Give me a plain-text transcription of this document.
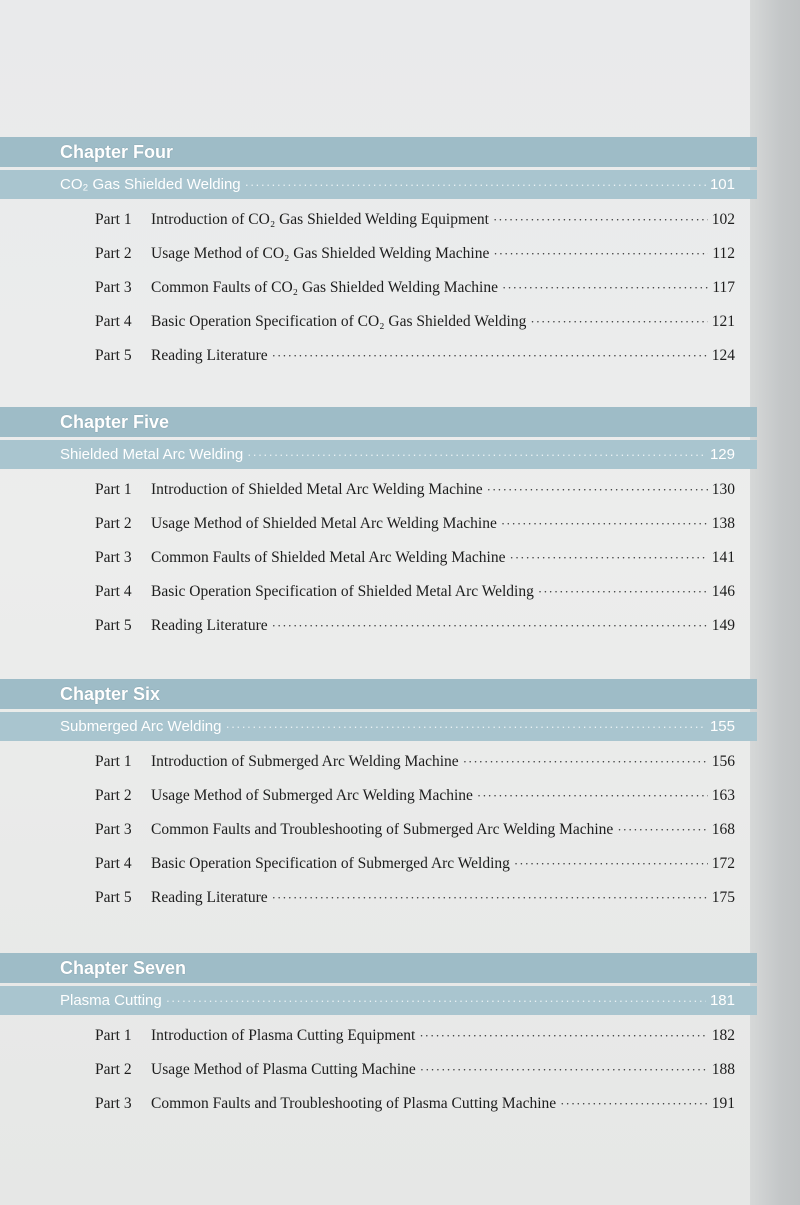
Chapter Four
CO₂ Gas Shielded Welding ·····	101
Part 1	Introduction of CO₂ Gas Shielded Welding Equipment ·····	102
Part 2	Usage Method of CO₂ Gas Shielded Welding Machine ·····	112
Part 3	Common Faults of CO₂ Gas Shielded Welding Machine ·····	117
Part 4	Basic Operation Specification of CO₂ Gas Shielded Welding ·····	121
Part 5	Reading Literature ·····	124
Chapter Five
Shielded Metal Arc Welding ·····	129
Part 1	Introduction of Shielded Metal Arc Welding Machine ·····	130
Part 2	Usage Method of Shielded Metal Arc Welding Machine ·····	138
Part 3	Common Faults of Shielded Metal Arc Welding Machine ·····	141
Part 4	Basic Operation Specification of Shielded Metal Arc Welding ·····	146
Part 5	Reading Literature ·····	149
Chapter Six
Submerged Arc Welding ·····	155
Part 1	Introduction of Submerged Arc Welding Machine ·····	156
Part 2	Usage Method of Submerged Arc Welding Machine ·····	163
Part 3	Common Faults and Troubleshooting of Submerged Arc Welding Machine ·····	168
Part 4	Basic Operation Specification of Submerged Arc Welding ·····	172
Part 5	Reading Literature ·····	175
Chapter Seven
Plasma Cutting ·····	181
Part 1	Introduction of Plasma Cutting Equipment ·····	182
Part 2	Usage Method of Plasma Cutting Machine ·····	188
Part 3	Common Faults and Troubleshooting of Plasma Cutting Machine ·····	191
